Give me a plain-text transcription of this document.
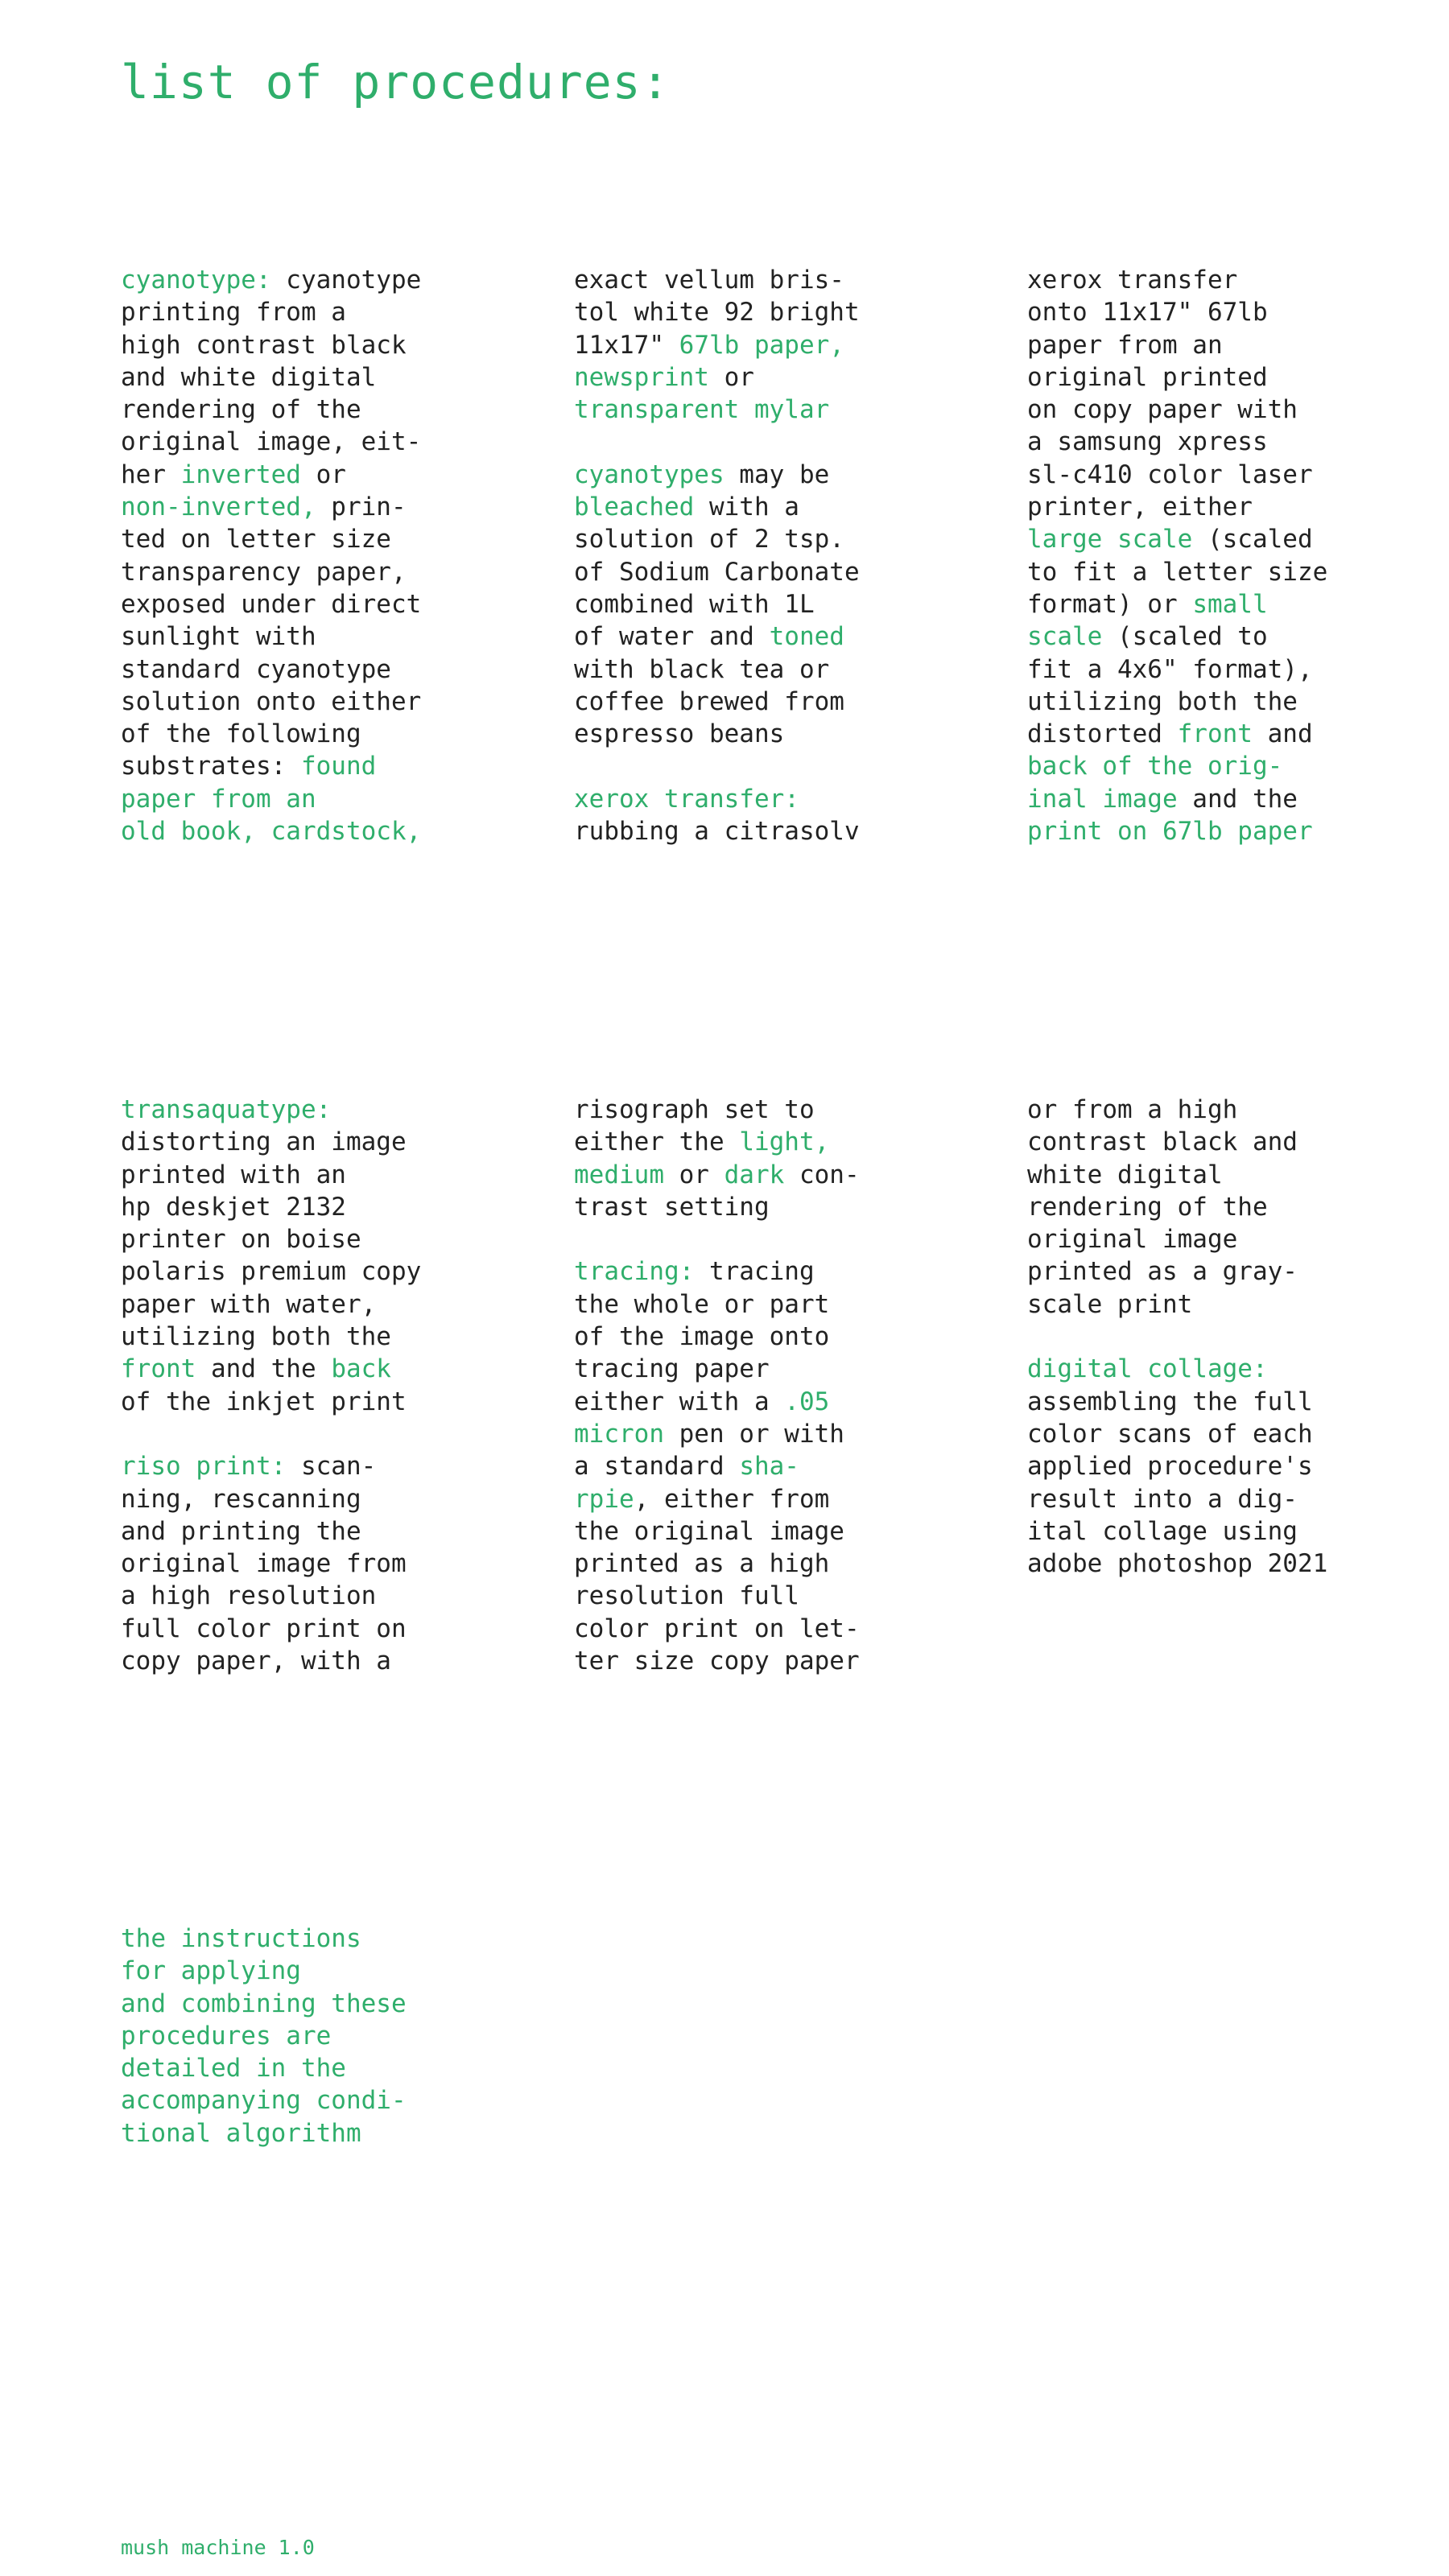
list of procedures:

cyanotype: cyanotype
printing from a
high contrast black
and white digital
rendering of the
original image, eit-
her inverted or
non-inverted, prin-
ted on letter size
transparency paper,
exposed under direct
sunlight with
standard cyanotype
solution onto either
of the following
substrates: found
paper from an
old book, cardstock,

exact vellum bris-
tol white 92 bright
11x17" 67lb paper,
newsprint or
transparent mylar

cyanotypes may be
bleached with a
solution of 2 tsp.
of Sodium Carbonate
combined with 1L
of water and toned
with black tea or
coffee brewed from
espresso beans

xerox transfer:
rubbing a citrasolv

xerox transfer
onto 11x17" 67lb
paper from an
original printed
on copy paper with
a samsung xpress
sl-c410 color laser
printer, either
large scale (scaled
to fit a letter size
format) or small
scale (scaled to
fit a 4x6" format),
utilizing both the
distorted front and
back of the orig-
inal image and the
print on 67lb paper

transaquatype:
distorting an image
printed with an
hp deskjet 2132
printer on boise
polaris premium copy
paper with water,
utilizing both the
front and the back
of the inkjet print

riso print: scan-
ning, rescanning
and printing the
original image from
a high resolution
full color print on
copy paper, with a

risograph set to
either the light,
medium or dark con-
trast setting

tracing: tracing
the whole or part
of the image onto
tracing paper
either with a .05
micron pen or with
a standard sha-
rpie, either from
the original image
printed as a high
resolution full
color print on let-
ter size copy paper

or from a high
contrast black and
white digital
rendering of the
original image
printed as a gray-
scale print

digital collage:
assembling the full
color scans of each
applied procedure's
result into a dig-
ital collage using
adobe photoshop 2021

the instructions
for applying
and combining these
procedures are
detailed in the
accompanying condi-
tional algorithm

mush machine 1.0
